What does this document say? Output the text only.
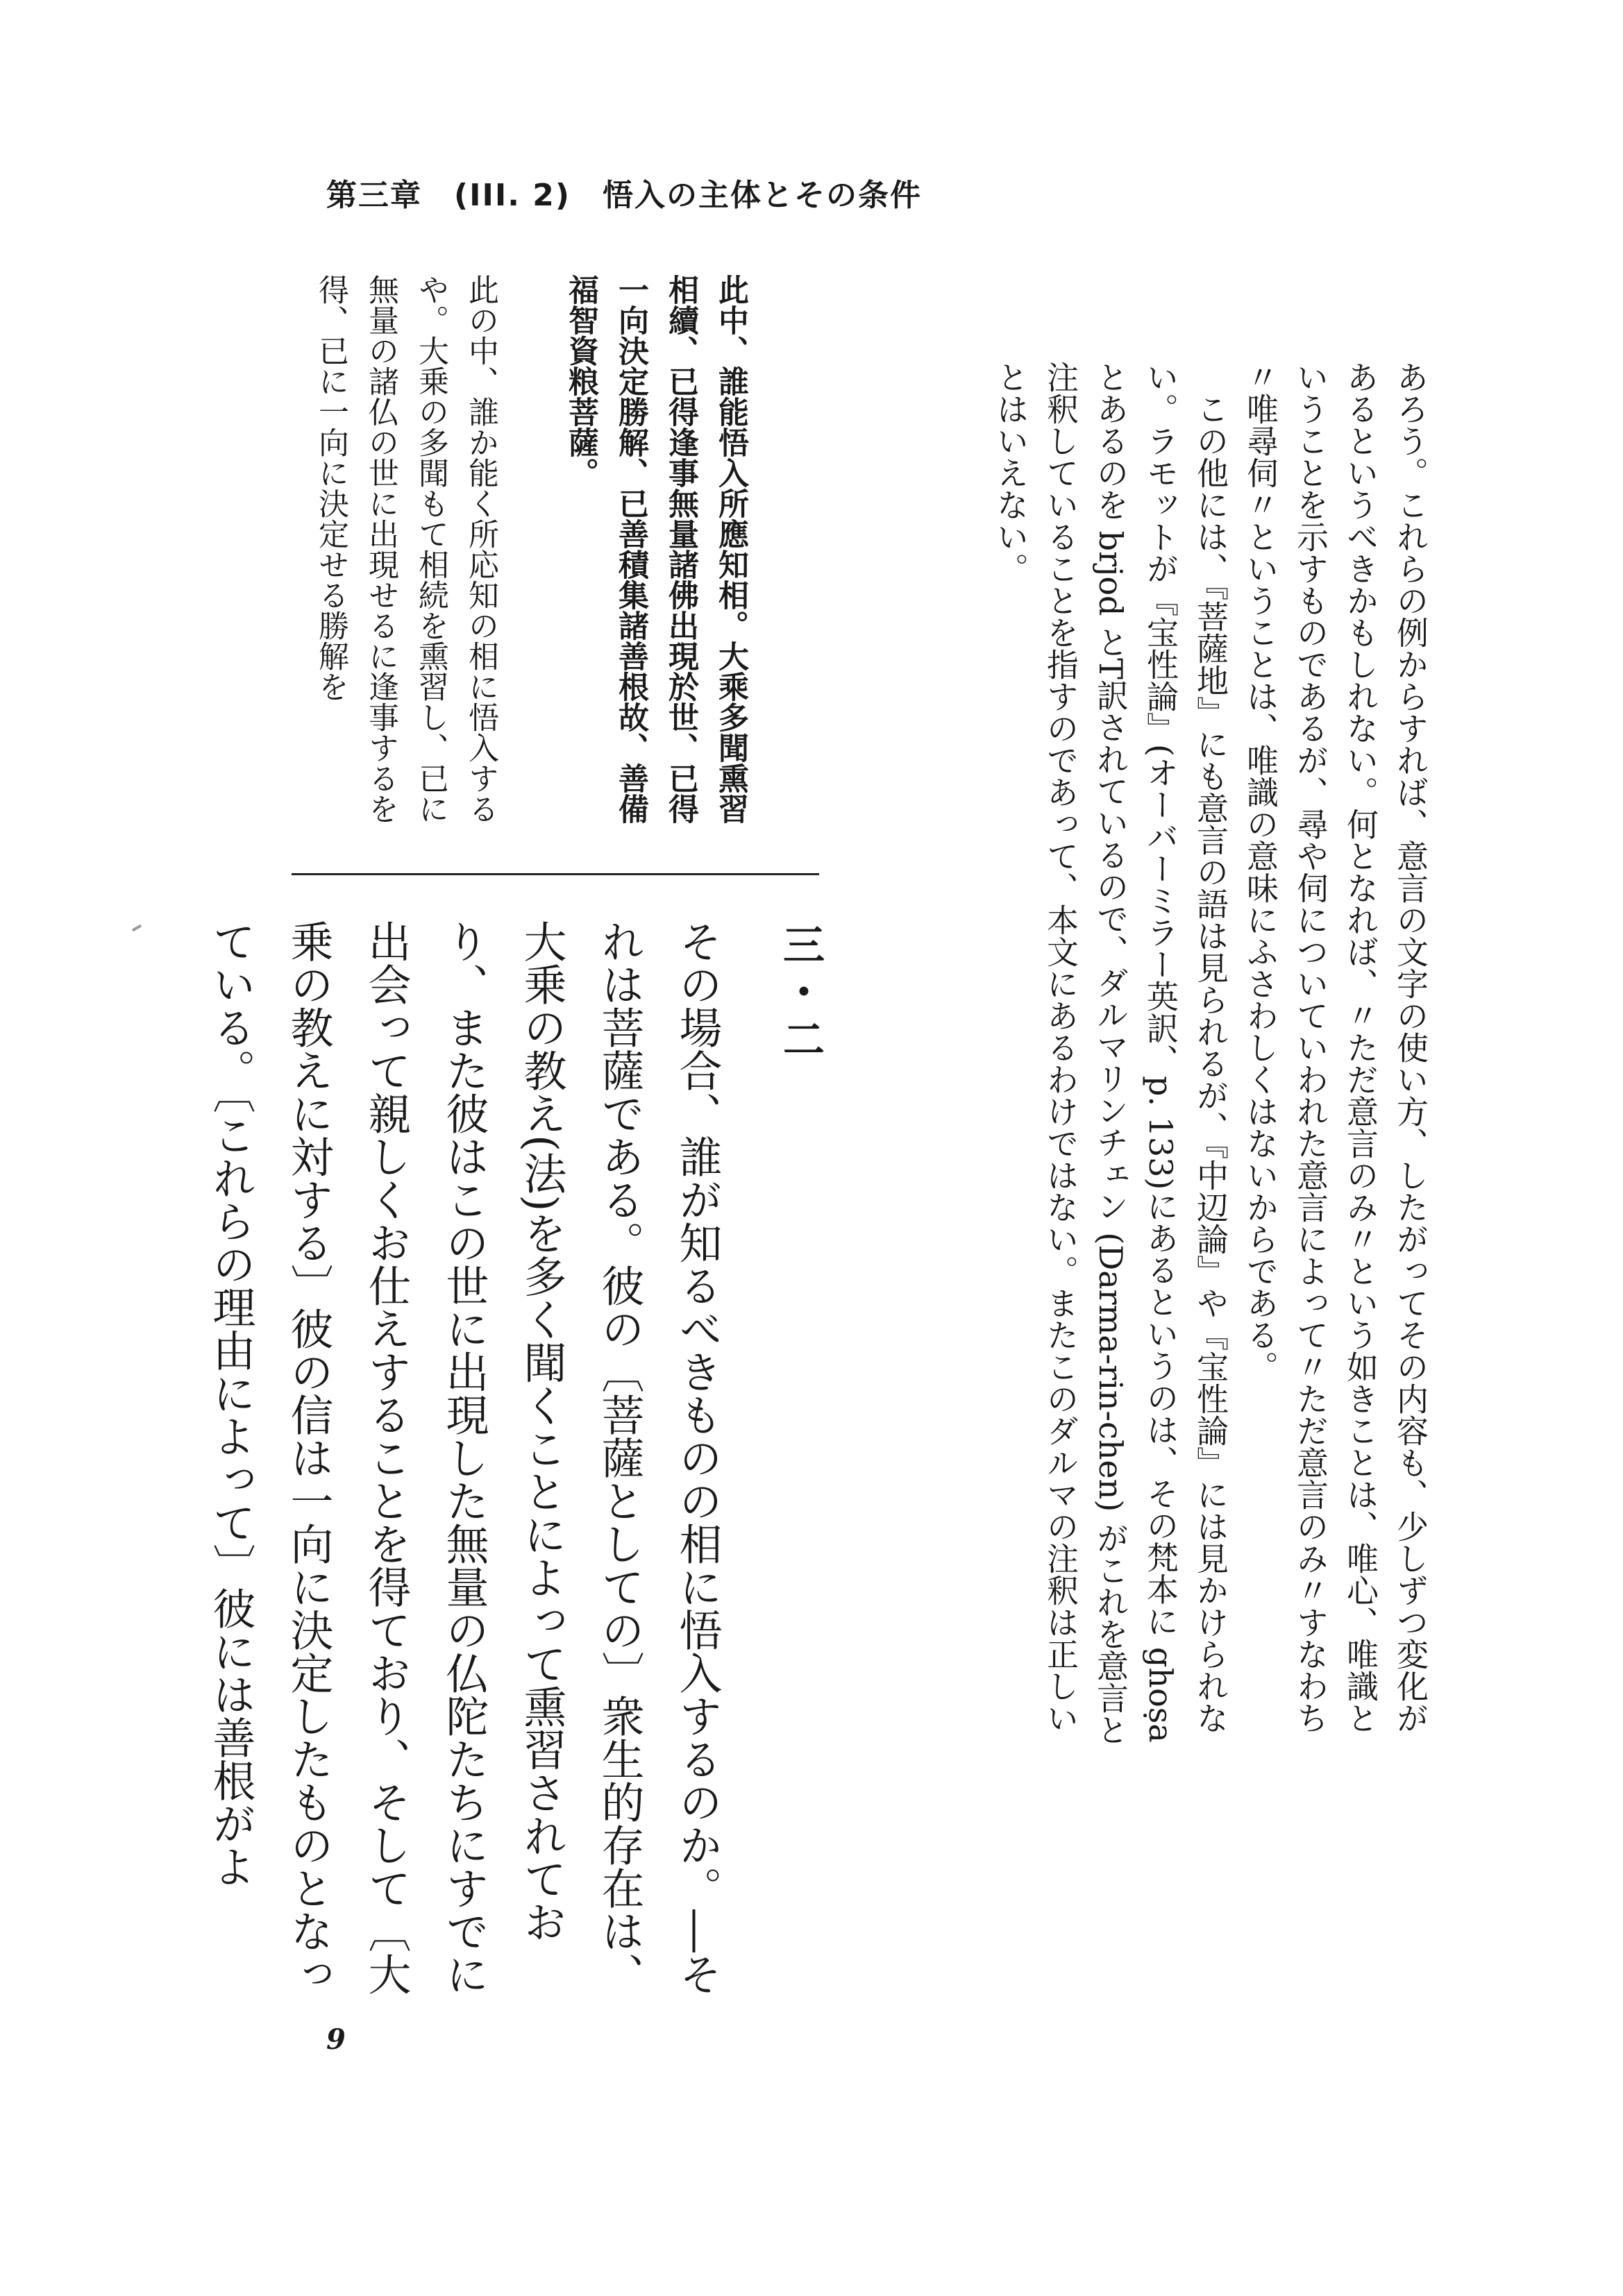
第三章　(III. 2)　悟入の主体とその条件

あろう。これらの例からすれば、意言の文字の使い方、したがってその内容も、少しずつ変化があるというべきかもしれない。何となれば、〃ただ意言のみ〃という如きことは、唯心、唯識ということを示すものであるが、尋や伺についていわれた意言によって〃ただ意言のみ〃すなわち〃唯尋伺〃ということは、唯識の意味にふさわしくはないからである。

この他には、『菩薩地』にも意言の語は見られるが、『中辺論』や『宝性論』には見かけられない。ラモットが『宝性論』(オーバーミラー英訳、p. 133)にあるというのは、その梵本に ghoṣa とあるのを brjod とT訳されているので、ダルマリンチェン (Darma-rin-chen) がこれを意言と注釈していることを指すのであって、本文にあるわけではない。またこのダルマの注釈は正しいとはいえない。

此中、誰能悟入所應知相。大乘多聞熏習相續、已得逢事無量諸佛出現於世、已得一向決定勝解、已善積集諸善根故、善備福智資粮菩薩。

此の中、誰か能く所応知の相に悟入するや。大乗の多聞もて相続を熏習し、已に無量の諸仏の世に出現せるに逢事するを得、已に一向に決定せる勝解を

三・二

その場合、誰が知るべきものの相に悟入するのか。―それは菩薩である。彼の〔菩薩としての〕衆生的存在は、大乗の教え(法)を多く聞くことによって熏習されており、また彼はこの世に出現した無量の仏陀たちにすでに出会って親しくお仕えすることを得ており、そして〔大乗の教えに対する〕彼の信は一向に決定したものとなっている。〔これらの理由によって〕彼には善根がよ

9
